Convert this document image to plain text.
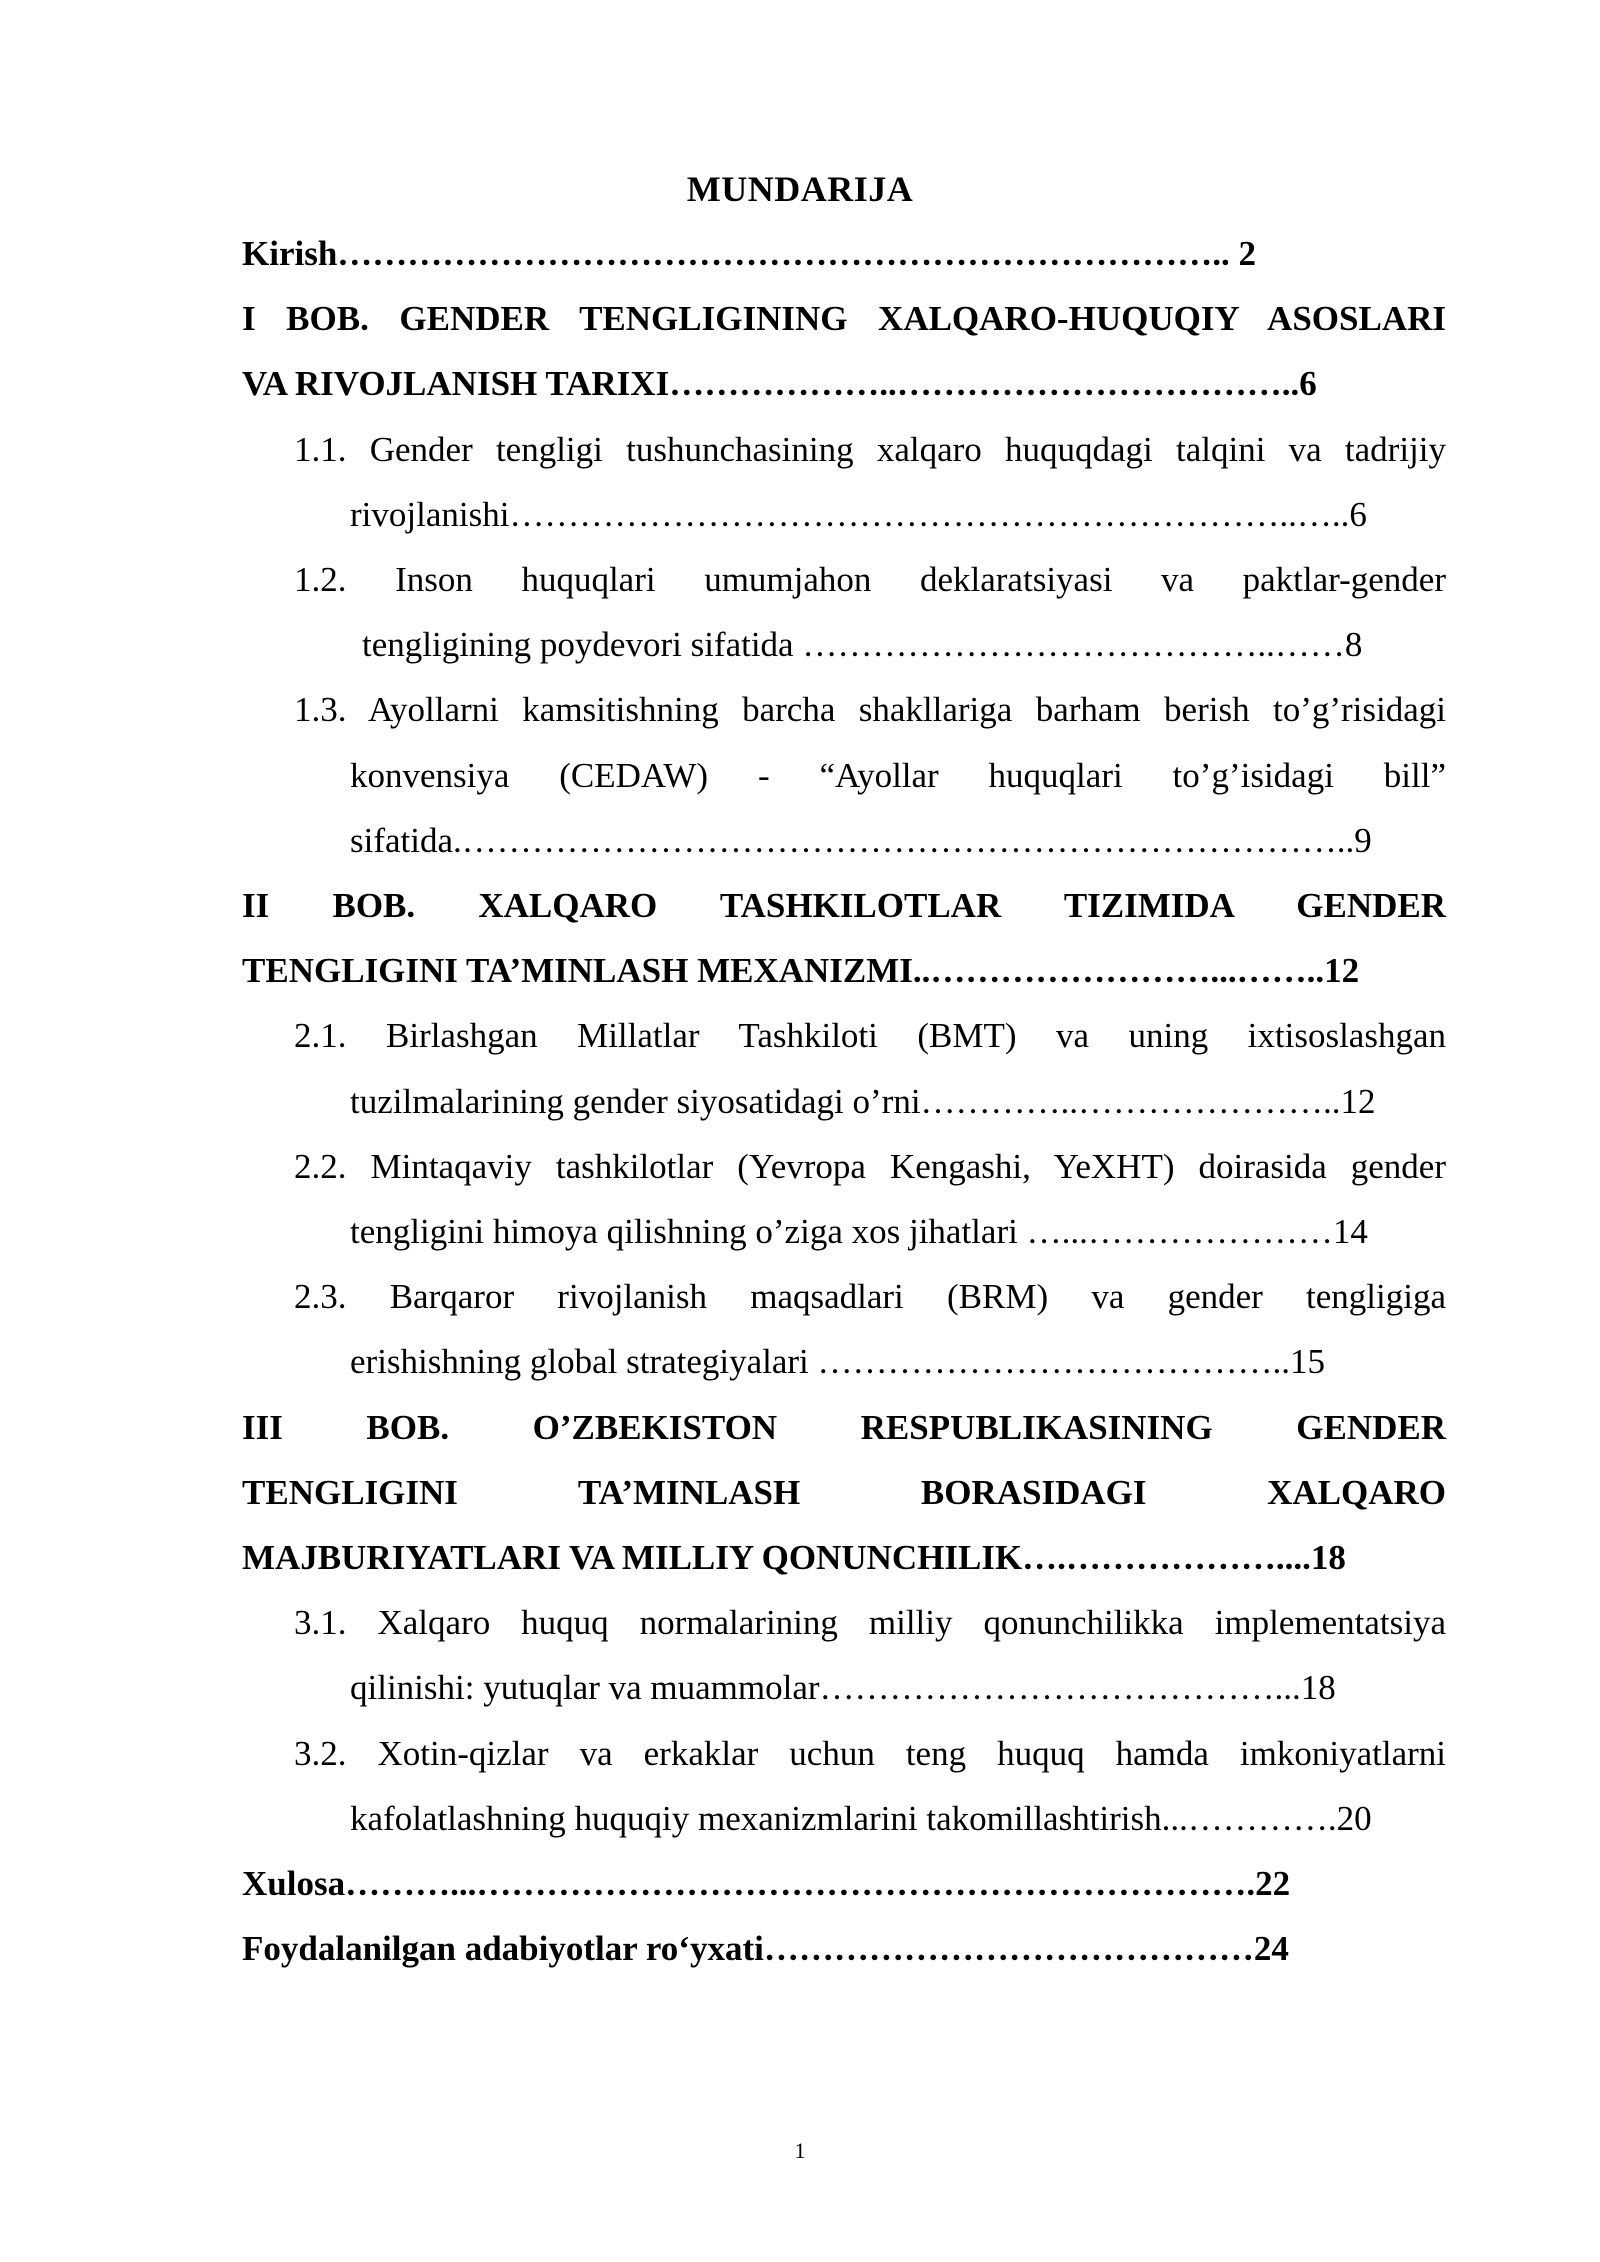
MUNDARIJA
Kirish………………………………………………………………….. 2
I BOB. GENDER TENGLIGINING XALQARO-HUQUQIY ASOSLARI
VA RIVOJLANISH TARIXI………………..……………………………..6
1.1. Gender tengligi tushunchasining xalqaro huquqdagi talqini va tadrijiy
rivojlanishi…………………………………………………………..…..6
1.2. Inson huquqlari umumjahon deklaratsiyasi va paktlar-gender
tengligining poydevori sifatida …………………………………..……8
1.3. Ayollarni kamsitishning barcha shakllariga barham berish to’g’risidagi
konvensiya (CEDAW) - “Ayollar huquqlari to’g’isidagi bill”
sifatida.…………………………………………………………………..9
II BOB. XALQARO TASHKILOTLAR TIZIMIDA GENDER
TENGLIGINI TA’MINLASH MEXANIZMI..……………………...……..12
2.1. Birlashgan Millatlar Tashkiloti (BMT) va uning ixtisoslashgan
tuzilmalarining gender siyosatidagi o’rni…………..…………………..12
2.2. Mintaqaviy tashkilotlar (Yevropa Kengashi, YeXHT) doirasida gender
tengligini himoya qilishning o’ziga xos jihatlari …...…………………14
2.3. Barqaror rivojlanish maqsadlari (BRM) va gender tengligiga
erishishning global strategiyalari …………………………………..15
III BOB. O’ZBEKISTON RESPUBLIKASINING GENDER
TENGLIGINI TA’MINLASH BORASIDAGI XALQARO
MAJBURIYATLARI VA MILLIY QONUNCHILIK….………………....18
3.1. Xalqaro huquq normalarining milliy qonunchilikka implementatsiya
qilinishi: yutuqlar va muammolar…………………………………...18
3.2. Xotin-qizlar va erkaklar uchun teng huquq hamda imkoniyatlarni
kafolatlashning huquqiy mexanizmlarini takomillashtirish...………….20
Xulosa………...………………………………………………………….22
Foydalanilgan adabiyotlar ro‘yxati……………………………………24
1
